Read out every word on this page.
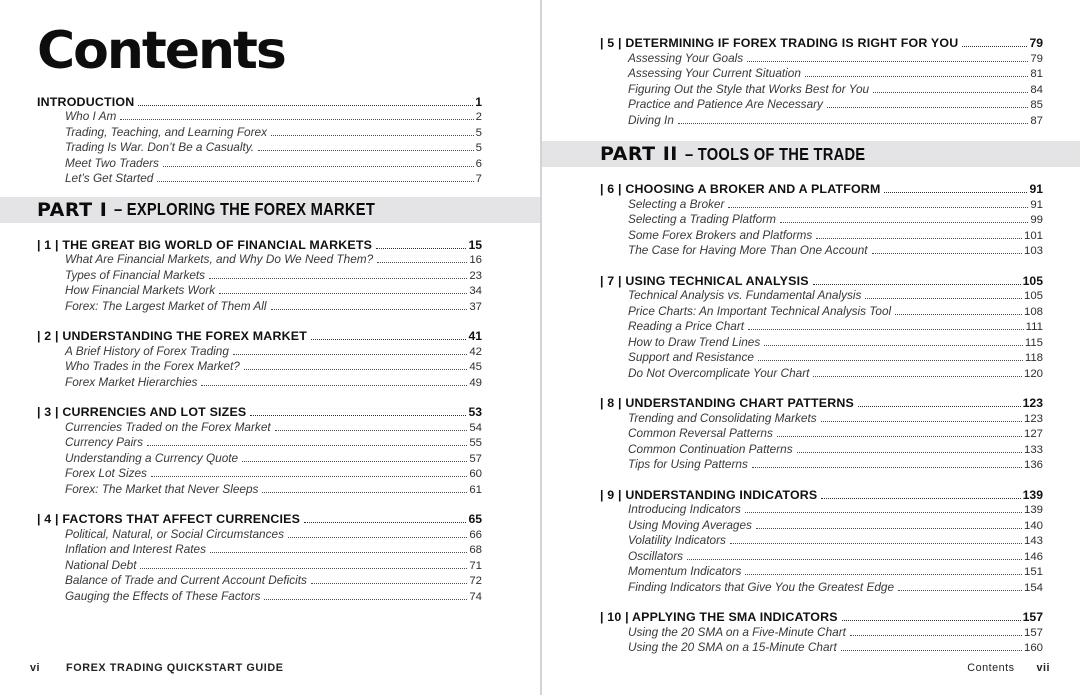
Contents
INTRODUCTION	1
Who I Am	2
Trading, Teaching, and Learning Forex	5
Trading Is War. Don’t Be a Casualty.	5
Meet Two Traders	6
Let’s Get Started	7
PART I – EXPLORING THE FOREX MARKET
| 1 | THE GREAT BIG WORLD OF FINANCIAL MARKETS	15
What Are Financial Markets, and Why Do We Need Them?	16
Types of Financial Markets	23
How Financial Markets Work	34
Forex: The Largest Market of Them All	37
| 2 | UNDERSTANDING THE FOREX MARKET	41
A Brief History of Forex Trading	42
Who Trades in the Forex Market?	45
Forex Market Hierarchies	49
| 3 | CURRENCIES AND LOT SIZES	53
Currencies Traded on the Forex Market	54
Currency Pairs	55
Understanding a Currency Quote	57
Forex Lot Sizes	60
Forex: The Market that Never Sleeps	61
| 4 | FACTORS THAT AFFECT CURRENCIES	65
Political, Natural, or Social Circumstances	66
Inflation and Interest Rates	68
National Debt	71
Balance of Trade and Current Account Deficits	72
Gauging the Effects of These Factors	74
vi FOREX TRADING QUICKSTART GUIDE
| 5 | DETERMINING IF FOREX TRADING IS RIGHT FOR YOU	79
Assessing Your Goals	79
Assessing Your Current Situation	81
Figuring Out the Style that Works Best for You	84
Practice and Patience Are Necessary	85
Diving In	87
PART II – TOOLS OF THE TRADE
| 6 | CHOOSING A BROKER AND A PLATFORM	91
Selecting a Broker	91
Selecting a Trading Platform	99
Some Forex Brokers and Platforms	101
The Case for Having More Than One Account	103
| 7 | USING TECHNICAL ANALYSIS	105
Technical Analysis vs. Fundamental Analysis	105
Price Charts: An Important Technical Analysis Tool	108
Reading a Price Chart	111
How to Draw Trend Lines	115
Support and Resistance	118
Do Not Overcomplicate Your Chart	120
| 8 | UNDERSTANDING CHART PATTERNS	123
Trending and Consolidating Markets	123
Common Reversal Patterns	127
Common Continuation Patterns	133
Tips for Using Patterns	136
| 9 | UNDERSTANDING INDICATORS	139
Introducing Indicators	139
Using Moving Averages	140
Volatility Indicators	143
Oscillators	146
Momentum Indicators	151
Finding Indicators that Give You the Greatest Edge	154
| 10 | APPLYING THE SMA INDICATORS	157
Using the 20 SMA on a Five-Minute Chart	157
Using the 20 SMA on a 15-Minute Chart	160
Contents vii
